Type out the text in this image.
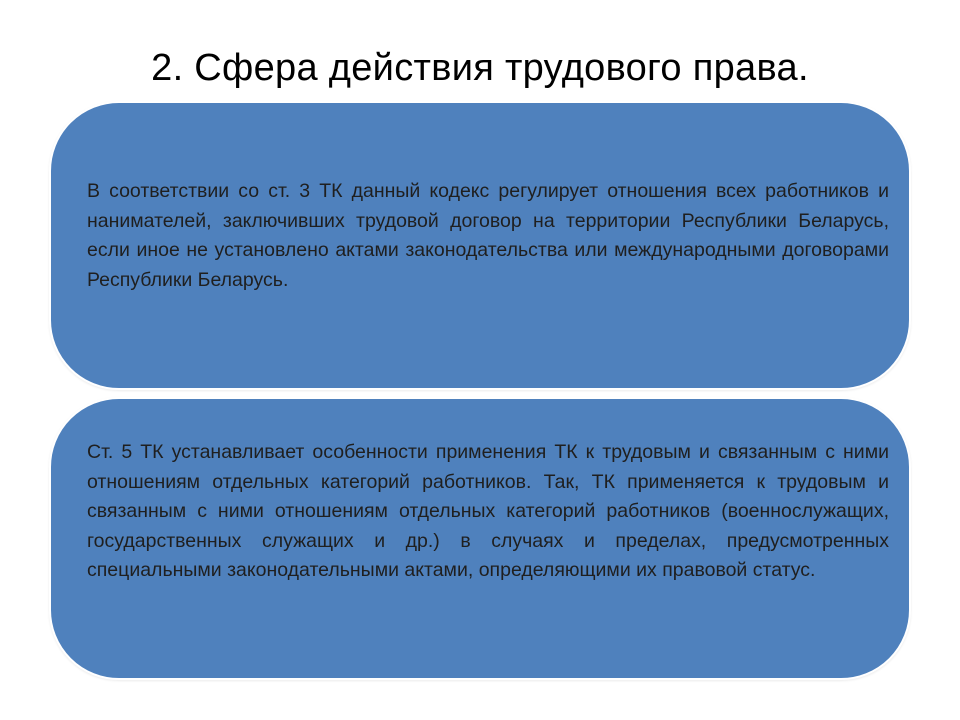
2. Сфера действия трудового права.
В соответствии со ст. 3 ТК данный кодекс регулирует отношения всех работников и нанимателей, заключивших трудовой договор на территории Республики Беларусь, если иное не установлено актами законодательства или международными договорами Республики Беларусь.
Ст. 5 ТК устанавливает особенности применения ТК к трудовым и связанным с ними отношениям отдельных категорий работников. Так, ТК применяется к трудовым и связанным с ними отношениям отдельных категорий работников (военнослужащих, государственных служащих и др.) в случаях и пределах, предусмотренных специальными законодательными актами, определяющими их правовой статус.
